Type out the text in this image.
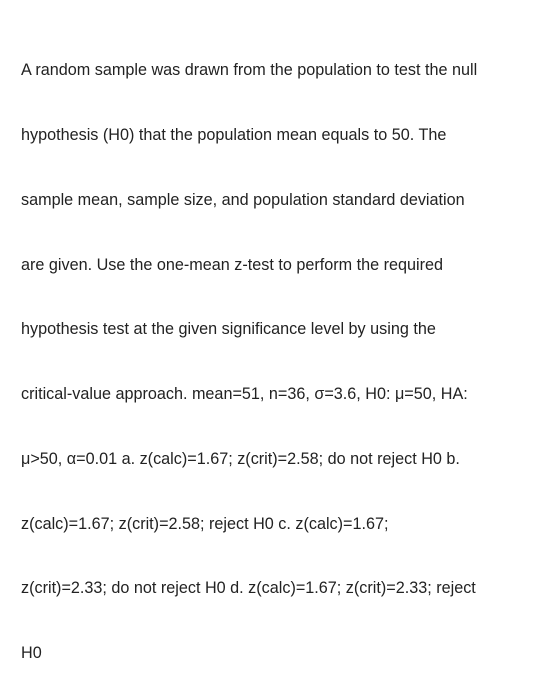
A random sample was drawn from the population to test the null

hypothesis (H0) that the population mean equals to 50. The

sample mean, sample size, and population standard deviation

are given. Use the one-mean z-test to perform the required

hypothesis test at the given significance level by using the

critical-value approach. mean=51, n=36, σ=3.6, H0: μ=50, HA:

μ>50, α=0.01 a. z(calc)=1.67; z(crit)=2.58; do not reject H0 b.

z(calc)=1.67; z(crit)=2.58; reject H0 c. z(calc)=1.67;

z(crit)=2.33; do not reject H0 d. z(calc)=1.67; z(crit)=2.33; reject

H0
